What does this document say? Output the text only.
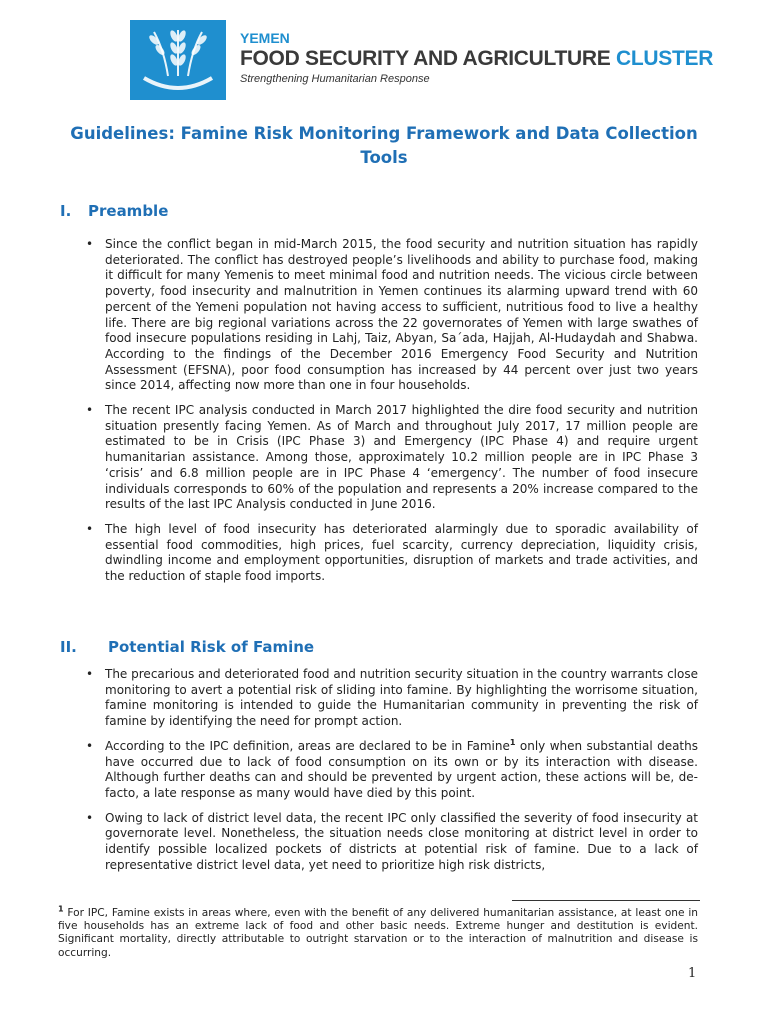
YEMEN
FOOD SECURITY AND AGRICULTURE CLUSTER
Strengthening Humanitarian Response
Guidelines: Famine Risk Monitoring Framework and Data Collection Tools
I. Preamble
• Since the conflict began in mid-March 2015, the food security and nutrition situation has rapidly deteriorated. The conflict has destroyed people’s livelihoods and ability to purchase food, making it difficult for many Yemenis to meet minimal food and nutrition needs. The vicious circle between poverty, food insecurity and malnutrition in Yemen continues its alarming upward trend with 60 percent of the Yemeni population not having access to sufficient, nutritious food to live a healthy life. There are big regional variations across the 22 governorates of Yemen with large swathes of food insecure populations residing in Lahj, Taiz, Abyan, Sa´ada, Hajjah, Al-Hudaydah and Shabwa. According to the findings of the December 2016 Emergency Food Security and Nutrition Assessment (EFSNA), poor food consumption has increased by 44 percent over just two years since 2014, affecting now more than one in four households.
• The recent IPC analysis conducted in March 2017 highlighted the dire food security and nutrition situation presently facing Yemen. As of March and throughout July 2017, 17 million people are estimated to be in Crisis (IPC Phase 3) and Emergency (IPC Phase 4) and require urgent humanitarian assistance. Among those, approximately 10.2 million people are in IPC Phase 3 ‘crisis’ and 6.8 million people are in IPC Phase 4 ‘emergency’. The number of food insecure individuals corresponds to 60% of the population and represents a 20% increase compared to the results of the last IPC Analysis conducted in June 2016.
• The high level of food insecurity has deteriorated alarmingly due to sporadic availability of essential food commodities, high prices, fuel scarcity, currency depreciation, liquidity crisis, dwindling income and employment opportunities, disruption of markets and trade activities, and the reduction of staple food imports.
II. Potential Risk of Famine
• The precarious and deteriorated food and nutrition security situation in the country warrants close monitoring to avert a potential risk of sliding into famine. By highlighting the worrisome situation, famine monitoring is intended to guide the Humanitarian community in preventing the risk of famine by identifying the need for prompt action.
• According to the IPC definition, areas are declared to be in Famine$^1$ only when substantial deaths have occurred due to lack of food consumption on its own or by its interaction with disease. Although further deaths can and should be prevented by urgent action, these actions will be, de-facto, a late response as many would have died by this point.
• Owing to lack of district level data, the recent IPC only classified the severity of food insecurity at governorate level. Nonetheless, the situation needs close monitoring at district level in order to identify possible localized pockets of districts at potential risk of famine. Due to a lack of representative district level data, yet need to prioritize high risk districts,
$^1$ For IPC, Famine exists in areas where, even with the benefit of any delivered humanitarian assistance, at least one in five households has an extreme lack of food and other basic needs. Extreme hunger and destitution is evident. Significant mortality, directly attributable to outright starvation or to the interaction of malnutrition and disease is occurring.
1
